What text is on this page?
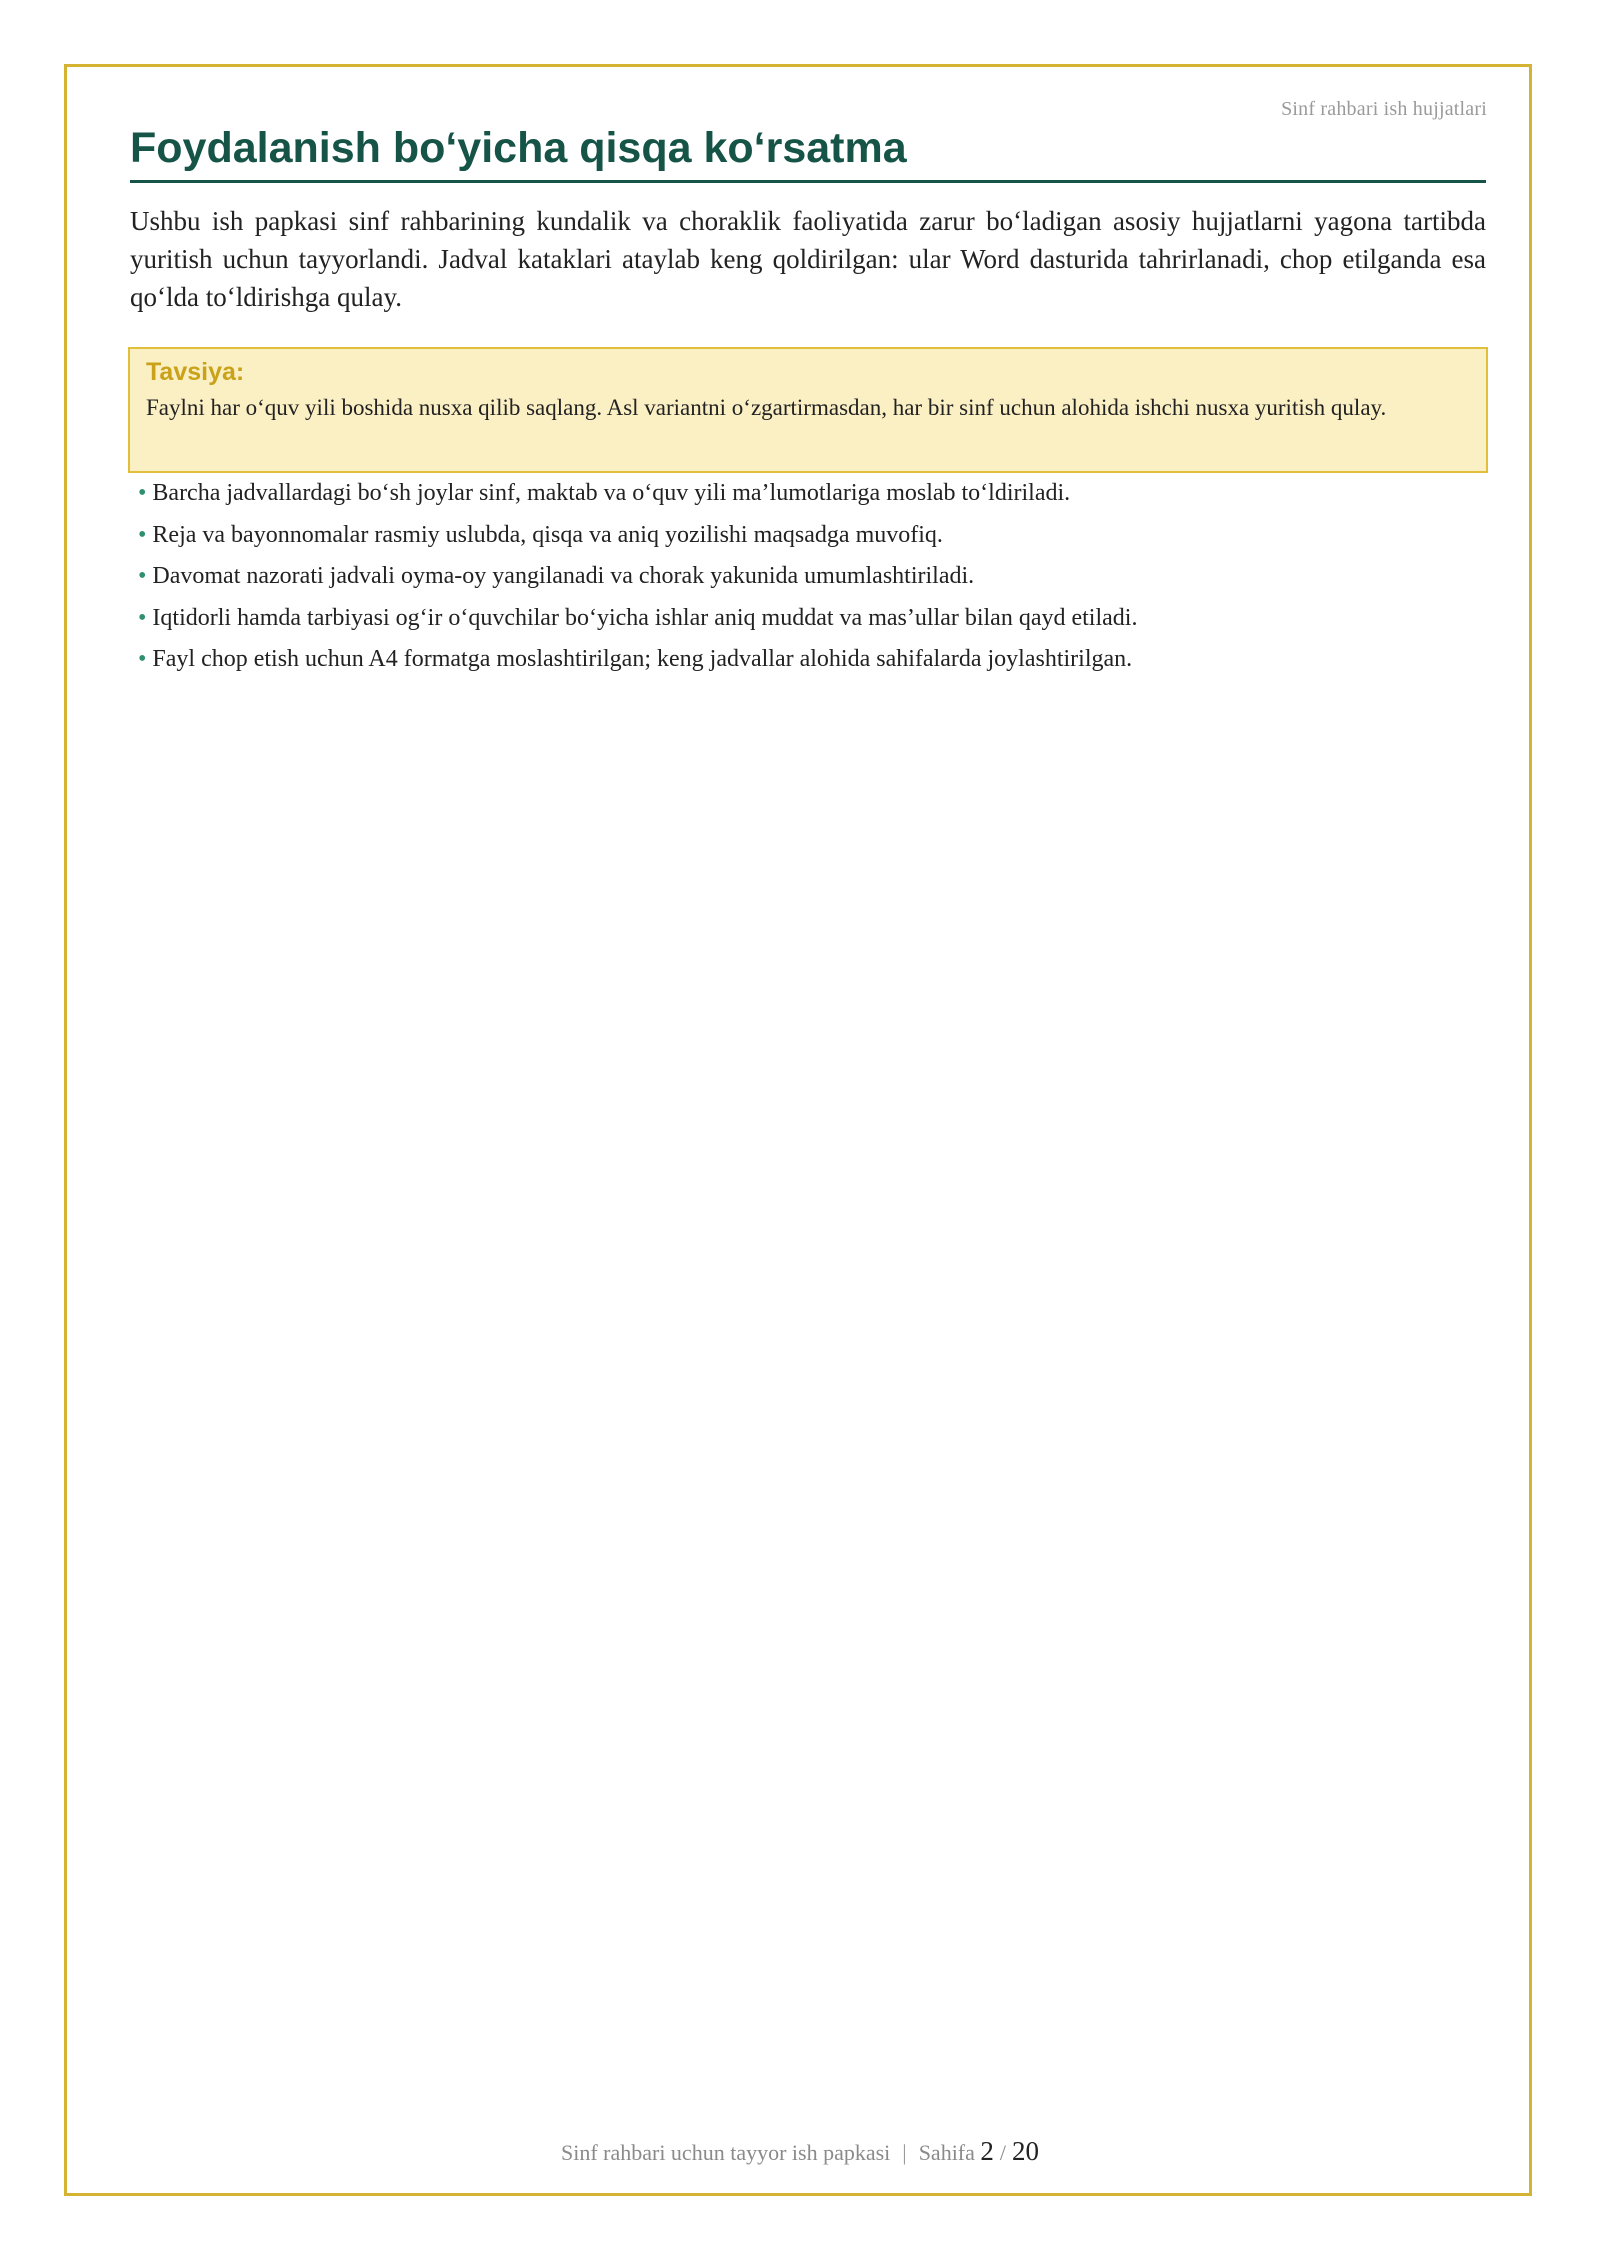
Sinf rahbari ish hujjatlari
Foydalanish bo‘yicha qisqa ko‘rsatma

Ushbu ish papkasi sinf rahbarining kundalik va choraklik faoliyatida zarur bo‘ladigan asosiy hujjatlarni yagona tartibda yuritish uchun tayyorlandi. Jadval kataklari ataylab keng qoldirilgan: ular Word dasturida tahrirlanadi, chop etilganda esa qo‘lda to‘ldirishga qulay.

Tavsiya:
Faylni har o‘quv yili boshida nusxa qilib saqlang. Asl variantni o‘zgartirmasdan, har bir sinf uchun alohida ishchi nusxa yuritish qulay.
• Barcha jadvallardagi bo‘sh joylar sinf, maktab va o‘quv yili ma’lumotlariga moslab to‘ldiriladi.
• Reja va bayonnomalar rasmiy uslubda, qisqa va aniq yozilishi maqsadga muvofiq.
• Davomat nazorati jadvali oyma-oy yangilanadi va chorak yakunida umumlashtiriladi.
• Iqtidorli hamda tarbiyasi og‘ir o‘quvchilar bo‘yicha ishlar aniq muddat va mas’ullar bilan qayd etiladi.
• Fayl chop etish uchun A4 formatga moslashtirilgan; keng jadvallar alohida sahifalarda joylashtirilgan.
Sinf rahbari uchun tayyor ish papkasi | Sahifa 2 / 20
